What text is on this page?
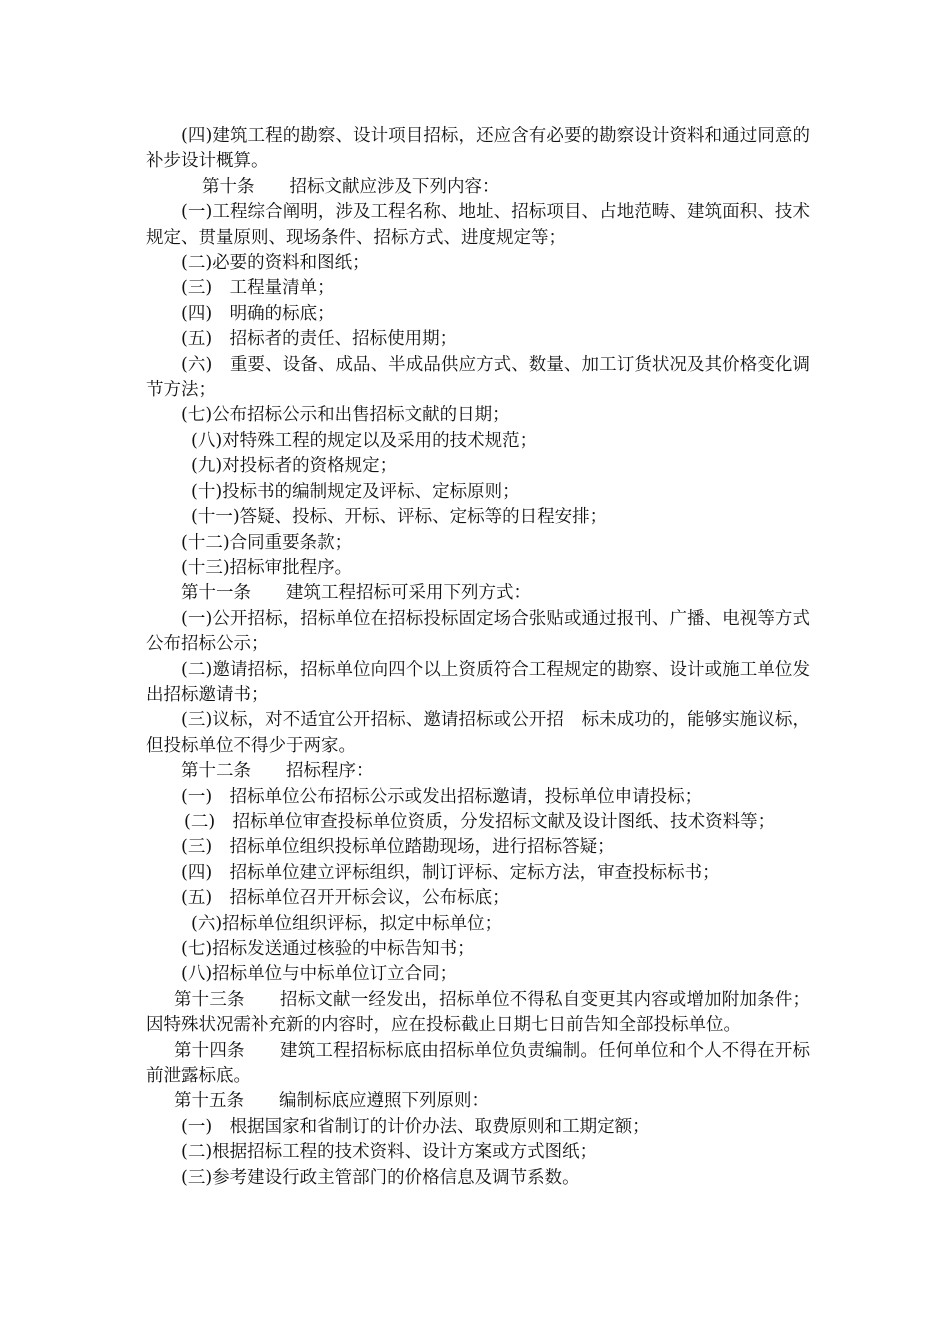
(四)建筑工程的勘察、设计项目招标，还应含有必要的勘察设计资料和通过同意的补步设计概算。

第十条　　招标文献应涉及下列内容：

(一)工程综合阐明，涉及工程名称、地址、招标项目、占地范畴、建筑面积、技术规定、贯量原则、现场条件、招标方式、进度规定等；

(二)必要的资料和图纸；

(三)　工程量清单；

(四)　明确的标底；

(五)　招标者的责任、招标使用期；

(六)　重要、设备、成品、半成品供应方式、数量、加工订货状况及其价格变化调节方法；

(七)公布招标公示和出售招标文献的日期；

(八)对特殊工程的规定以及采用的技术规范；

(九)对投标者的资格规定；

(十)投标书的编制规定及评标、定标原则；

(十一)答疑、投标、开标、评标、定标等的日程安排；

(十二)合同重要条款；

(十三)招标审批程序。

第十一条　　建筑工程招标可采用下列方式：

(一)公开招标，招标单位在招标投标固定场合张贴或通过报刊、广播、电视等方式公布招标公示；

(二)邀请招标，招标单位向四个以上资质符合工程规定的勘察、设计或施工单位发出招标邀请书；

(三)议标，对不适宜公开招标、邀请招标或公开招　标未成功的，能够实施议标，但投标单位不得少于两家。

第十二条　　招标程序：

(一)　招标单位公布招标公示或发出招标邀请，投标单位申请投标；

(二)　招标单位审查投标单位资质，分发招标文献及设计图纸、技术资料等；

(三)　招标单位组织投标单位踏勘现场，进行招标答疑；

(四)　招标单位建立评标组织，制订评标、定标方法，审查投标标书；

(五)　招标单位召开开标会议，公布标底；

(六)招标单位组织评标，拟定中标单位；

(七)招标发送通过核验的中标告知书；

(八)招标单位与中标单位订立合同；

第十三条　　招标文献一经发出，招标单位不得私自变更其内容或增加附加条件；因特殊状况需补充新的内容时，应在投标截止日期七日前告知全部投标单位。

第十四条　　建筑工程招标标底由招标单位负责编制。任何单位和个人不得在开标前泄露标底。

第十五条　　编制标底应遵照下列原则：

(一)　根据国家和省制订的计价办法、取费原则和工期定额；

(二)根据招标工程的技术资料、设计方案或方式图纸；

(三)参考建设行政主管部门的价格信息及调节系数。
